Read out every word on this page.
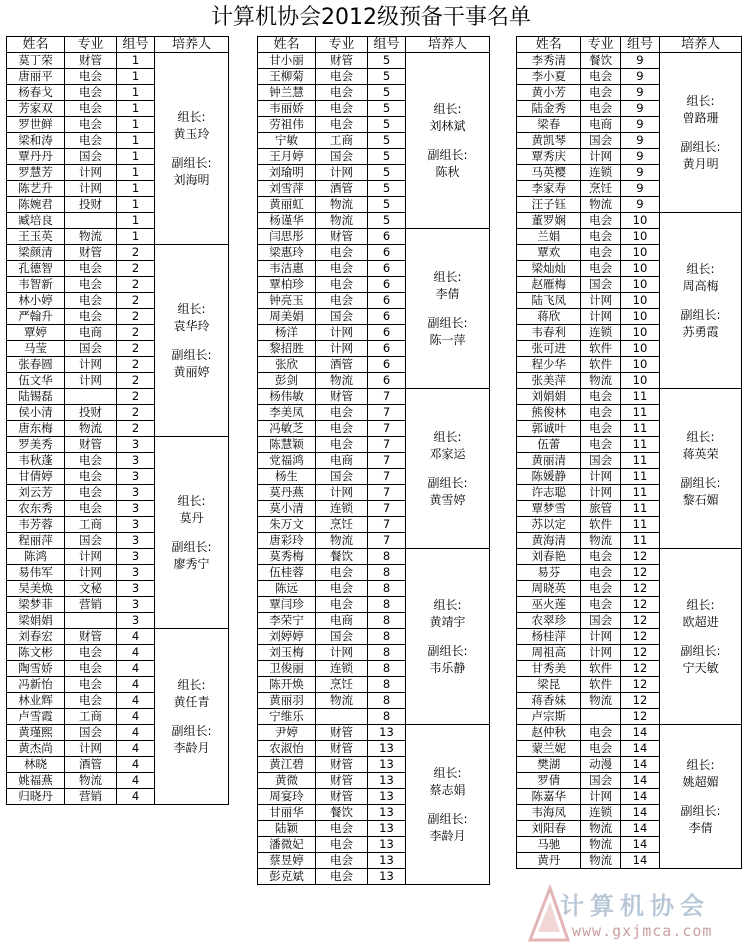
计算机协会2012级预备干事名单
姓名	专业	组号	培养人
莫丁荣	财管	1	组长:
黄玉玲
副组长:
刘海明

唐丽平	电会	1	
杨春戈	电会	1	
芳家双	电会	1	
罗世鲜	电会	1	
梁和涛	电会	1	
覃丹丹	国会	1	
罗慧芳	计网	1	
陈艺升	计网	1	
陈婉君	投财	1	
臧培良		1	
王玉英	物流	1	
梁颜清	财管	2	组长:
袁华玲
副组长:
黄丽婷

孔德智	电会	2	
韦智新	电会	2	
林小婷	电会	2	
严翰升	电会	2	
覃婷	电商	2	
马莹	国会	2	
张春圆	计网	2	
伍文华	计网	2	
陆锡磊		2	
侯小清	投财	2	
唐东梅	物流	2	
罗美秀	财管	3	组长:
莫丹
副组长:
廖秀宁

韦秋蓬	电会	3	
甘倩婷	电会	3	
刘云芳	电会	3	
农东秀	电会	3	
韦芳蓉	工商	3	
程丽萍	国会	3	
陈鸿	计网	3	
易伟军	计网	3	
吴美焕	文秘	3	
梁梦菲	营销	3	
梁娟娟		3	
刘春宏	财管	4	组长:
黄任青
副组长:
李龄月

陈文彬	电会	4	
陶雪娇	电会	4	
冯新怡	电会	4	
林业辉	电会	4	
卢雪霞	工商	4	
黄瑾熙	国会	4	
黄杰尚	计网	4	
林晓	酒管	4	
姚福燕	物流	4	
归晓丹	营销	4	
姓名	专业	组号	培养人
甘小丽	财管	5	组长:
刘林斌
副组长:
陈秋

王柳菊	电会	5	
钟兰慧	电会	5	
韦丽娇	电会	5	
劳祖伟	电会	5	
宁敏	工商	5	
王月婷	国会	5	
刘瑜明	计网	5	
刘雪萍	酒管	5	
黄丽虹	物流	5	
杨谨华	物流	5	
闫思彤	财管	6	组长:
李倩
副组长:
陈一萍

梁惠玲	电会	6	
韦洁惠	电会	6	
覃柏珍	电会	6	
钟亮玉	电会	6	
周美娟	国会	6	
杨洋	计网	6	
黎招胜	计网	6	
张欣	酒管	6	
彭剑	物流	6	
杨伟敏	财管	7	组长:
邓家运
副组长:
黄雪婷

李美凤	电会	7	
冯敏芝	电会	7	
陈慧颖	电会	7	
党福鸿	电商	7	
杨生	国会	7	
莫丹燕	计网	7	
莫小清	连锁	7	
朱万文	烹饪	7	
唐彩玲	物流	7	
莫秀梅	餐饮	8	组长:
黄靖宇
副组长:
韦乐静

伍桂蓉	电会	8	
陈远	电会	8	
覃闫珍	电会	8	
李荣宁	电商	8	
刘婷婷	国会	8	
刘玉梅	计网	8	
卫俊丽	连锁	8	
陈开焕	烹饪	8	
黄丽羽	物流	8	
宁维乐		8	
尹婷	财管	13	组长:
蔡志娟
副组长:
李龄月

农淑怡	财管	13	
黄江碧	财管	13	
黄微	财管	13	
周宴玲	财管	13	
甘丽华	餐饮	13	
陆颖	电会	13	
潘微妃	电会	13	
蔡昱婷	电会	13	
彭克斌	电会	13	
姓名	专业	组号	培养人
李秀清	餐饮	9	组长:
曾路珊
副组长:
黄月明

李小夏	电会	9	
黄小芳	电会	9	
陆金秀	电会	9	
梁春	电商	9	
黄凯琴	国会	9	
覃秀庆	计网	9	
马英樱	连锁	9	
李家寿	烹饪	9	
汪子钰	物流	9	
董罗娴	电会	10	组长:
周高梅
副组长:
苏勇霞

兰娟	电会	10	
覃欢	电会	10	
梁灿灿	电会	10	
赵雁梅	国会	10	
陆飞凤	计网	10	
蒋欣	计网	10	
韦春利	连锁	10	
张可进	软件	10	
程少华	软件	10	
张美萍	物流	10	
刘娟娟	电会	11	组长:
蒋英荣
副组长:
黎石媚

熊俊林	电会	11	
郭诚叶	电会	11	
伍蕾	电会	11	
黄丽清	国会	11	
陈媛静	计网	11	
许志聪	计网	11	
覃梦雪	旅管	11	
苏以定	软件	11	
黄海清	物流	11	
刘春艳	电会	12	组长:
欧超进
副组长:
宁天敏

易芬	电会	12	
周晓英	电会	12	
巫火莲	电会	12	
农翠珍	国会	12	
杨桂萍	计网	12	
周祖高	计网	12	
甘秀美	软件	12	
梁昆	软件	12	
蒋香妹	物流	12	
卢宗斯		12	
赵仲秋	电会	14	组长:
姚超媚
副组长:
李倩

蒙兰妮	电会	14	
樊湖	动漫	14	
罗倩	国会	14	
陈嘉华	计网	14	
韦海凤	连锁	14	
刘阳春	物流	14	
马驰	物流	14	
黄丹	物流	14	
计算机协会
www.gxjmca.com
